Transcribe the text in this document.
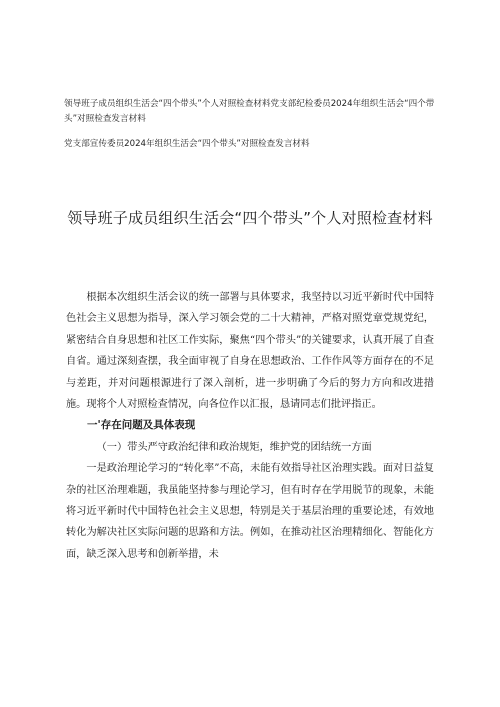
领导班子成员组织生活会“四个带头”个人对照检查材料党支部纪检委员2024年组织生活会“四个带头”对照检查发言材料
党支部宣传委员2024年组织生活会“四个带头”对照检查发言材料
领导班子成员组织生活会“四个带头”个人对照检查材料

根据本次组织生活会议的统一部署与具体要求，我坚持以习近平新时代中国特色社会主义思想为指导，深入学习领会党的二十大精神，严格对照党章党规党纪，紧密结合自身思想和社区工作实际，聚焦“四个带头”的关键要求，认真开展了自查自省。通过深刻查摆，我全面审视了自身在思想政治、工作作风等方面存在的不足与差距，并对问题根源进行了深入剖析，进一步明确了今后的努力方向和改进措施。现将个人对照检查情况，向各位作以汇报，恳请同志们批评指正。

一'存在问题及具体表现

（一）带头严守政治纪律和政治规矩，维护党的团结统一方面

一是政治理论学习的“转化率”不高，未能有效指导社区治理实践。面对日益复杂的社区治理难题，我虽能坚持参与理论学习，但有时存在学用脱节的现象，未能将习近平新时代中国特色社会主义思想，特别是关于基层治理的重要论述，有效地转化为解决社区实际问题的思路和方法。例如，在推动社区治理精细化、智能化方面，缺乏深入思考和创新举措，未
